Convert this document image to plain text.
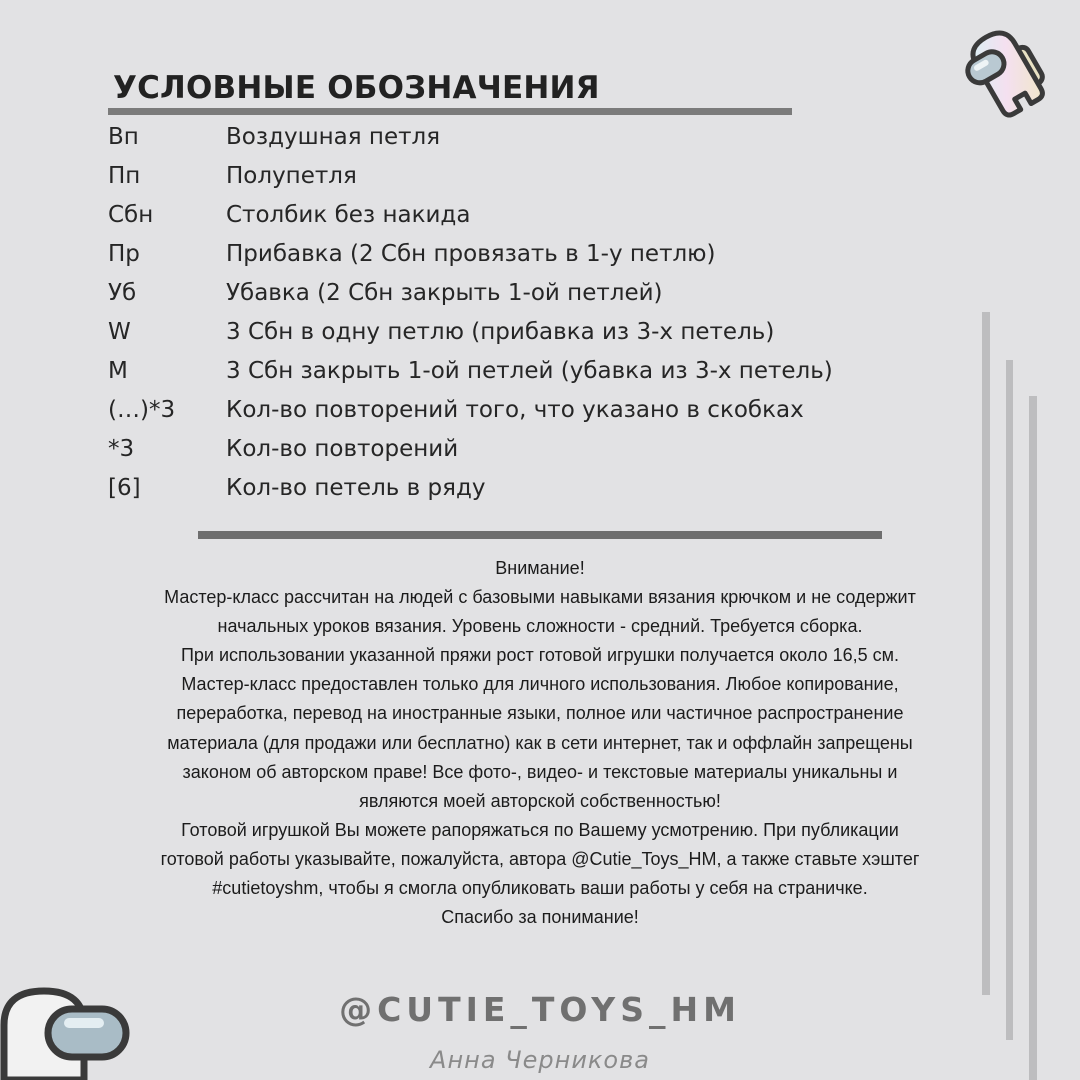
УСЛОВНЫЕ ОБОЗНАЧЕНИЯ
Вп	Воздушная петля
Пп	Полупетля
Сбн	Столбик без накида
Пр	Прибавка (2 Сбн провязать в 1-у петлю)
Уб	Убавка (2 Сбн закрыть 1-ой петлей)
W	3 Сбн в одну петлю (прибавка из 3-х петель)
M	3 Сбн закрыть 1-ой петлей (убавка из 3-х петель)
(…)*3	Кол-во повторений того, что указано в скобках
*3	Кол-во повторений
[6]	Кол-во петель в ряду

Внимание!
Мастер-класс рассчитан на людей с базовыми навыками вязания крючком и не содержит
начальных уроков вязания. Уровень сложности - средний. Требуется сборка.
При использовании указанной пряжи рост готовой игрушки получается около 16,5 см.
Мастер-класс предоставлен только для личного использования. Любое копирование,
переработка, перевод на иностранные языки, полное или частичное распространение
материала (для продажи или бесплатно) как в сети интернет, так и оффлайн запрещены
законом об авторском праве! Все фото-, видео- и текстовые материалы уникальны и
являются моей авторской собственностью!
Готовой игрушкой Вы можете рапоряжаться по Вашему усмотрению. При публикации
готовой работы указывайте, пожалуйста, автора @Cutie_Toys_HM, а также ставьте хэштег
#cutietoyshm, чтобы я смогла опубликовать ваши работы у себя на страничке.
Спасибо за понимание!

@CUTIE_TOYS_HM

Анна Черникова
